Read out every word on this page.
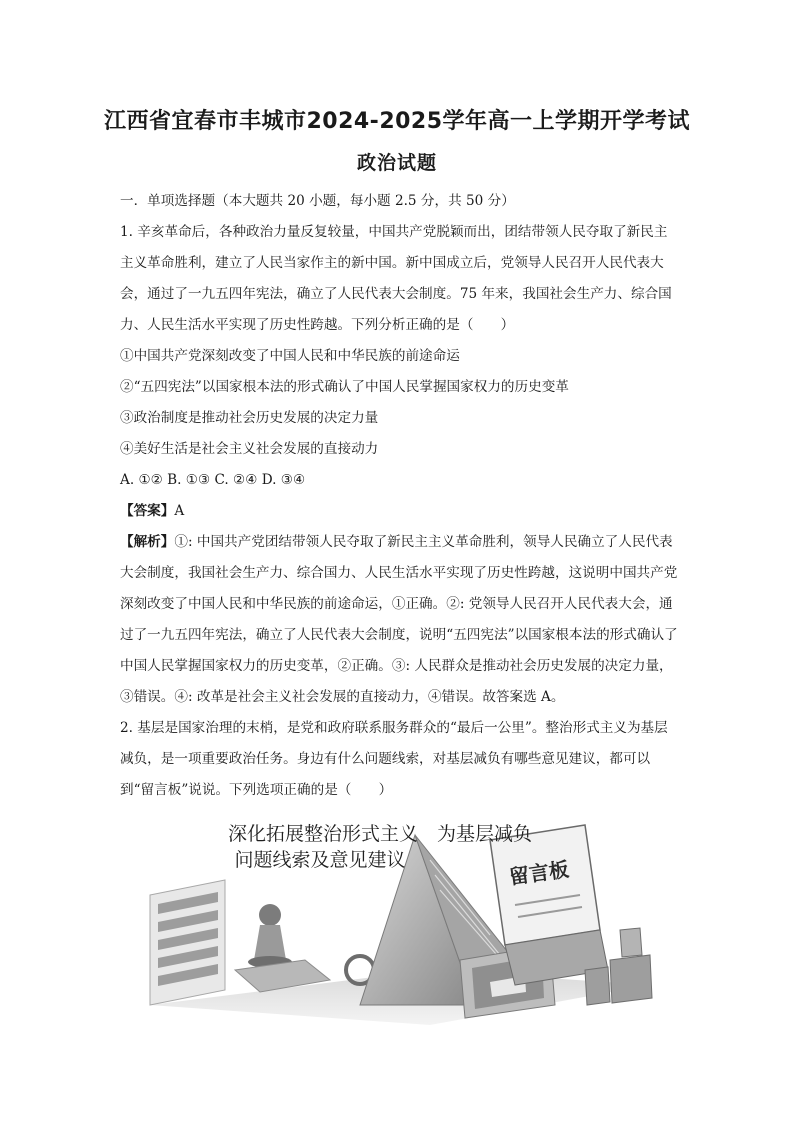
江西省宜春市丰城市2024-2025学年高一上学期开学考试
政治试题

一．单项选择题（本大题共 20 小题，每小题 2.5 分，共 50 分）

1. 辛亥革命后，各种政治力量反复较量，中国共产党脱颖而出，团结带领人民夺取了新民主主义革命胜利，建立了人民当家作主的新中国。新中国成立后，党领导人民召开人民代表大会，通过了一九五四年宪法，确立了人民代表大会制度。75 年来，我国社会生产力、综合国力、人民生活水平实现了历史性跨越。下列分析正确的是（　　）

①中国共产党深刻改变了中国人民和中华民族的前途命运

②“五四宪法”以国家根本法的形式确认了中国人民掌握国家权力的历史变革

③政治制度是推动社会历史发展的决定力量

④美好生活是社会主义社会发展的直接动力

A. ①② B. ①③ C. ②④ D. ③④

【答案】A

【解析】①: 中国共产党团结带领人民夺取了新民主主义革命胜利，领导人民确立了人民代表大会制度，我国社会生产力、综合国力、人民生活水平实现了历史性跨越，这说明中国共产党深刻改变了中国人民和中华民族的前途命运，①正确。②: 党领导人民召开人民代表大会，通过了一九五四年宪法，确立了人民代表大会制度，说明“五四宪法”以国家根本法的形式确认了中国人民掌握国家权力的历史变革，②正确。③: 人民群众是推动社会历史发展的决定力量，③错误。④: 改革是社会主义社会发展的直接动力，④错误。故答案选 A。

2. 基层是国家治理的末梢，是党和政府联系服务群众的“最后一公里”。整治形式主义为基层减负，是一项重要政治任务。身边有什么问题线索，对基层减负有哪些意见建议，都可以到“留言板”说说。下列选项正确的是（　　）

留言板
深化拓展整治形式主义　为基层减负
问题线索及意见建议
